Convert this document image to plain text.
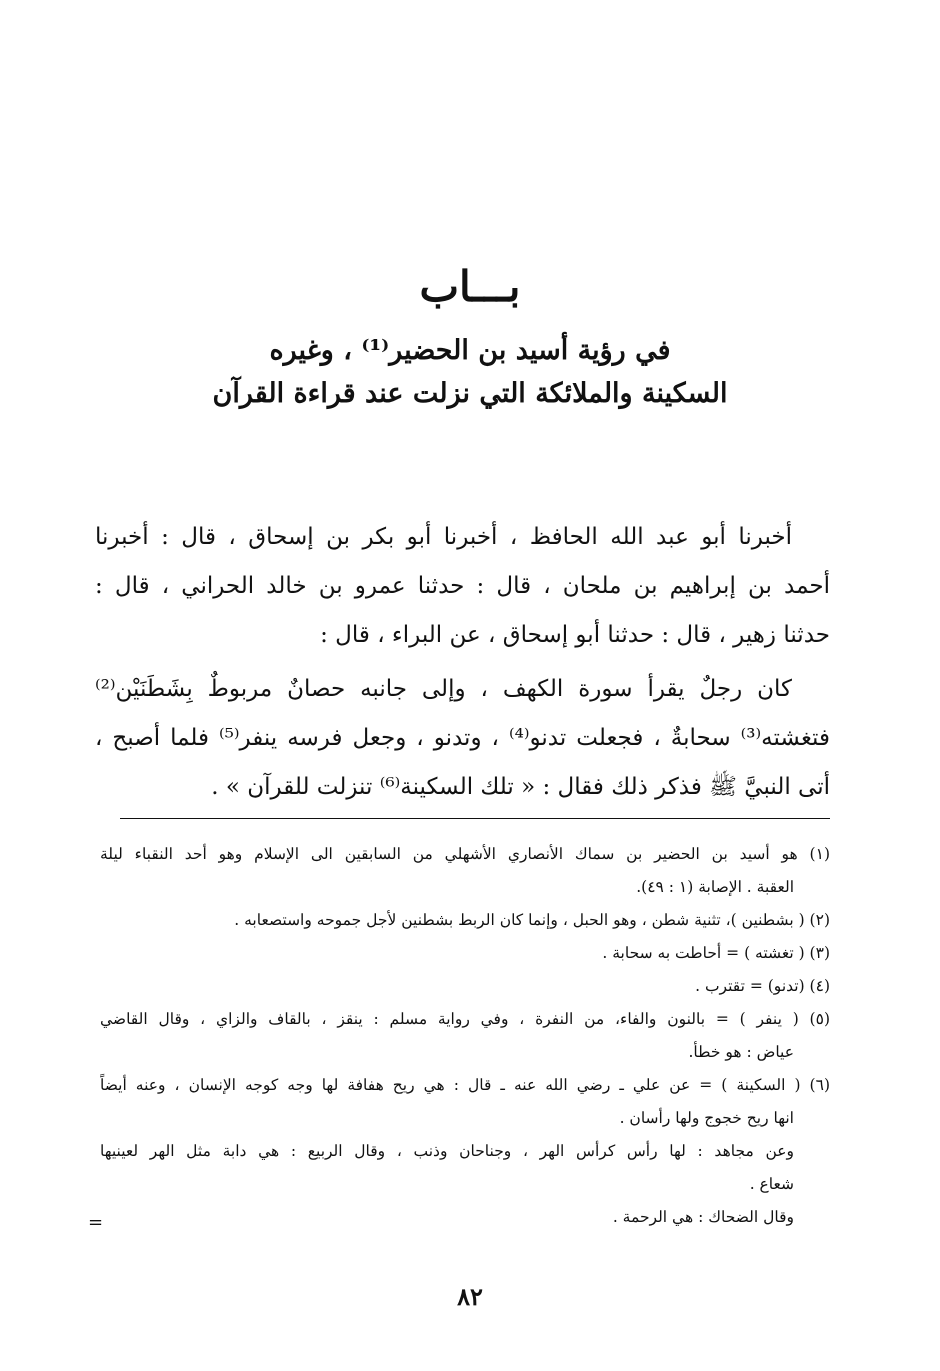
بـــاب
في رؤية أسيد بن الحضير⁽¹⁾ ، وغيره
السكينة والملائكة التي نزلت عند قراءة القرآن
أخبرنا أبو عبد الله الحافظ ، أخبرنا أبو بكر بن إسحاق ، قال : أخبرنا
أحمد بن إبراهيم بن ملحان ، قال : حدثنا عمرو بن خالد الحراني ، قال :
حدثنا زهير ، قال : حدثنا أبو إسحاق ، عن البراء ، قال :
كان رجلٌ يقرأ سورة الكهف ، وإلى جانبه حصانٌ مربوطٌ بِشَطَنَيْن⁽²⁾
فتغشته⁽³⁾ سحابةٌ ، فجعلت تدنو⁽⁴⁾ ، وتدنو ، وجعل فرسه ينفر⁽⁵⁾ فلما أصبح ،
أتى النبيَّ ﷺ فذكر ذلك فقال : « تلك السكينة⁽⁶⁾ تنزلت للقرآن » .
(١) هو أسيد بن الحضير بن سماك الأنصاري الأشهلي من السابقين الى الإسلام وهو أحد النقباء ليلة
العقبة . الإصابة (١ : ٤٩).
(٢) ( بشطنين )، تثنية شطن ، وهو الحبل ، وإنما كان الربط بشطنين لأجل جموحه واستصعابه .
(٣) ( تغشته ) = أحاطت به سحابة .
(٤) (تدنو) = تقترب .
(٥) ( ينفر ) = بالنون والفاء، من النفرة ، وفي رواية مسلم : ينقز ، بالقاف والزاي ، وقال القاضي
عياض : هو خطأ.
(٦) ( السكينة ) = عن علي ـ رضي الله عنه ـ قال : هي ريح هفافة لها وجه كوجه الإنسان ، وعنه أيضاً
انها ريح خجوج ولها رأسان .
وعن مجاهد : لها رأس كرأس الهر ، وجناحان وذنب ، وقال الربيع : هي دابة مثل الهر لعينيها
شعاع .
وقال الضحاك : هي الرحمة .
=
٨٢
